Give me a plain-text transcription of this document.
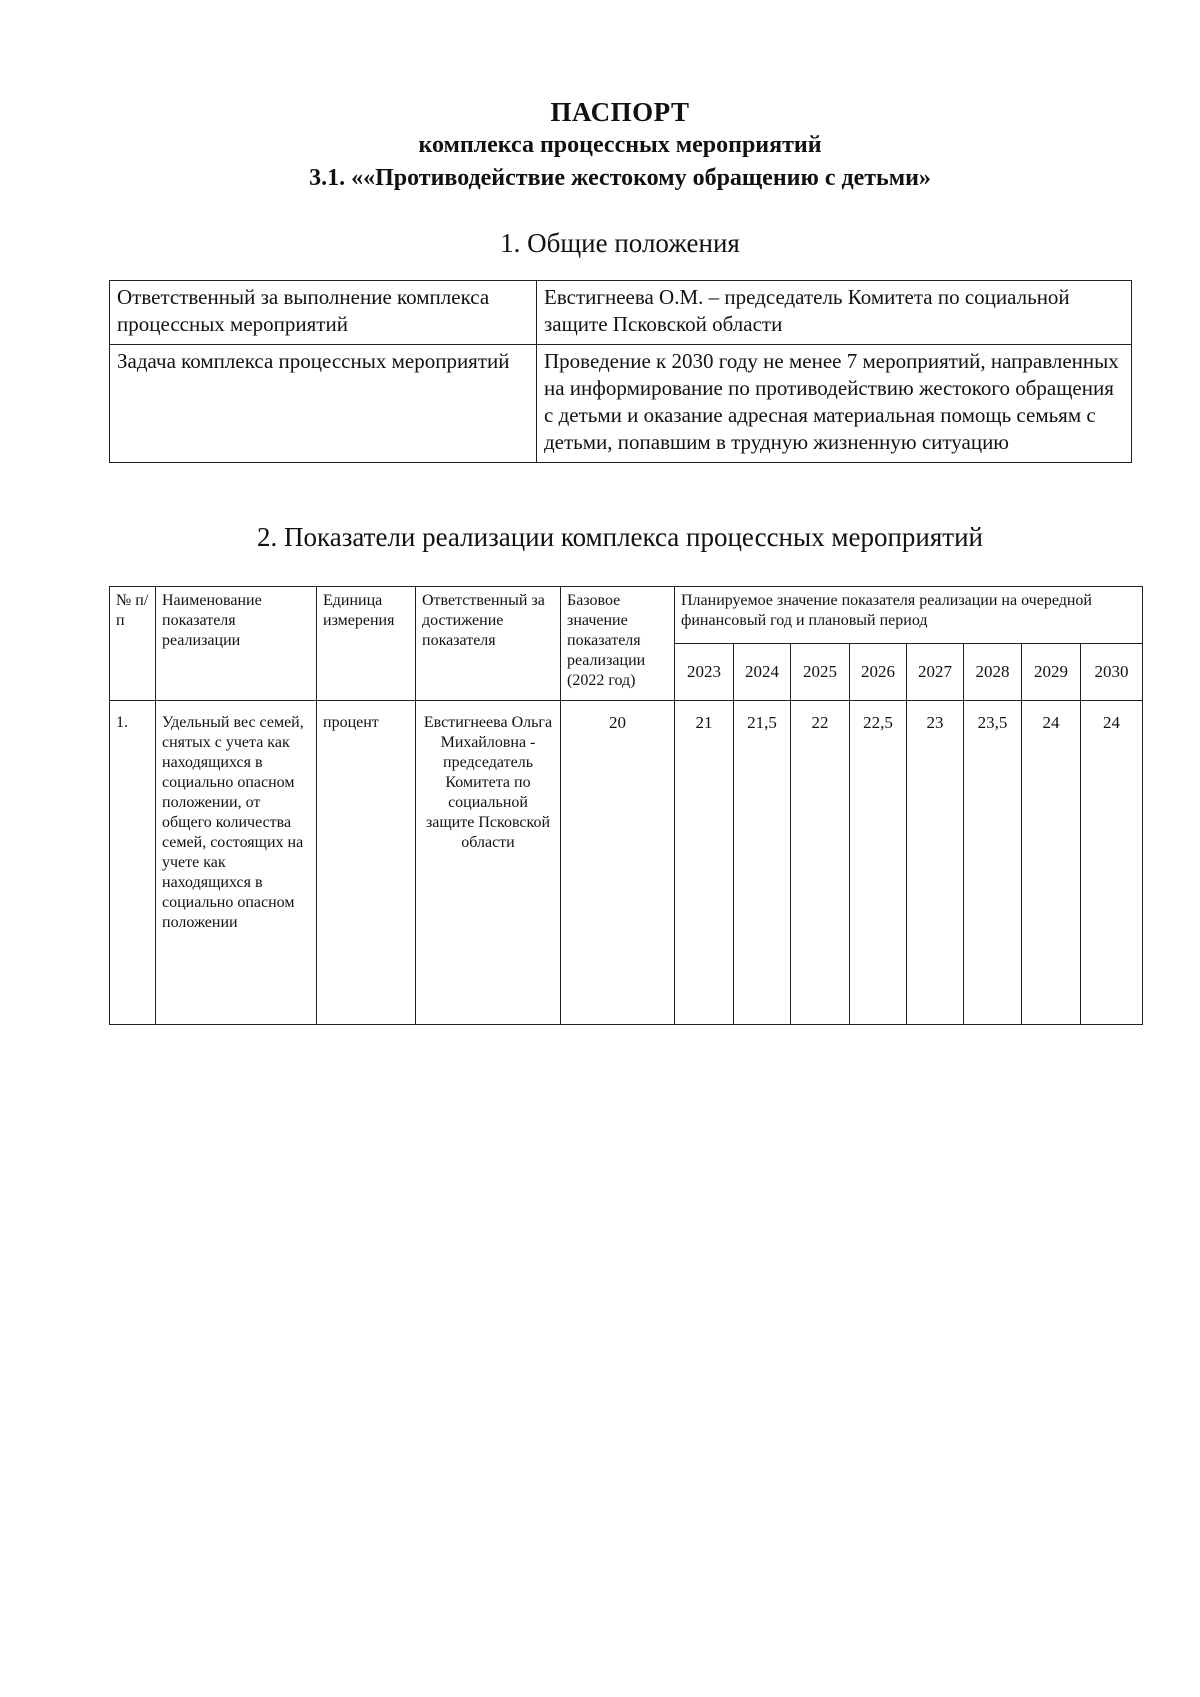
ПАСПОРТ
комплекса процессных мероприятий
3.1. ««Противодействие жестокому обращению с детьми»
1. Общие положения
Ответственный за выполнение комплекса процессных мероприятий	Евстигнеева О.М. – председатель Комитета по социальной защите Псковской области
Задача комплекса процессных мероприятий	Проведение к 2030 году не менее 7 мероприятий, направленных на информирование по противодействию жестокого обращения с детьми и оказание адресная материальная помощь семьям с детьми, попавшим в трудную жизненную ситуацию
2. Показатели реализации комплекса процессных мероприятий
№ п/п	Наименование показателя реализации	Единица измерения	Ответственный за достижение показателя	Базовое значение показателя реализации (2022 год)	Планируемое значение показателя реализации на очередной финансовый год и плановый период							
					2023	2024	2025	2026	2027	2028	2029	2030
1.	Удельный вес семей, снятых с учета как находящихся в социально опасном положении, от общего количества семей, состоящих на учете как находящихся в социально опасном положении	процент	Евстигнеева Ольга Михайловна - председатель Комитета по социальной защите Псковской области	20	21	21,5	22	22,5	23	23,5	24	24
